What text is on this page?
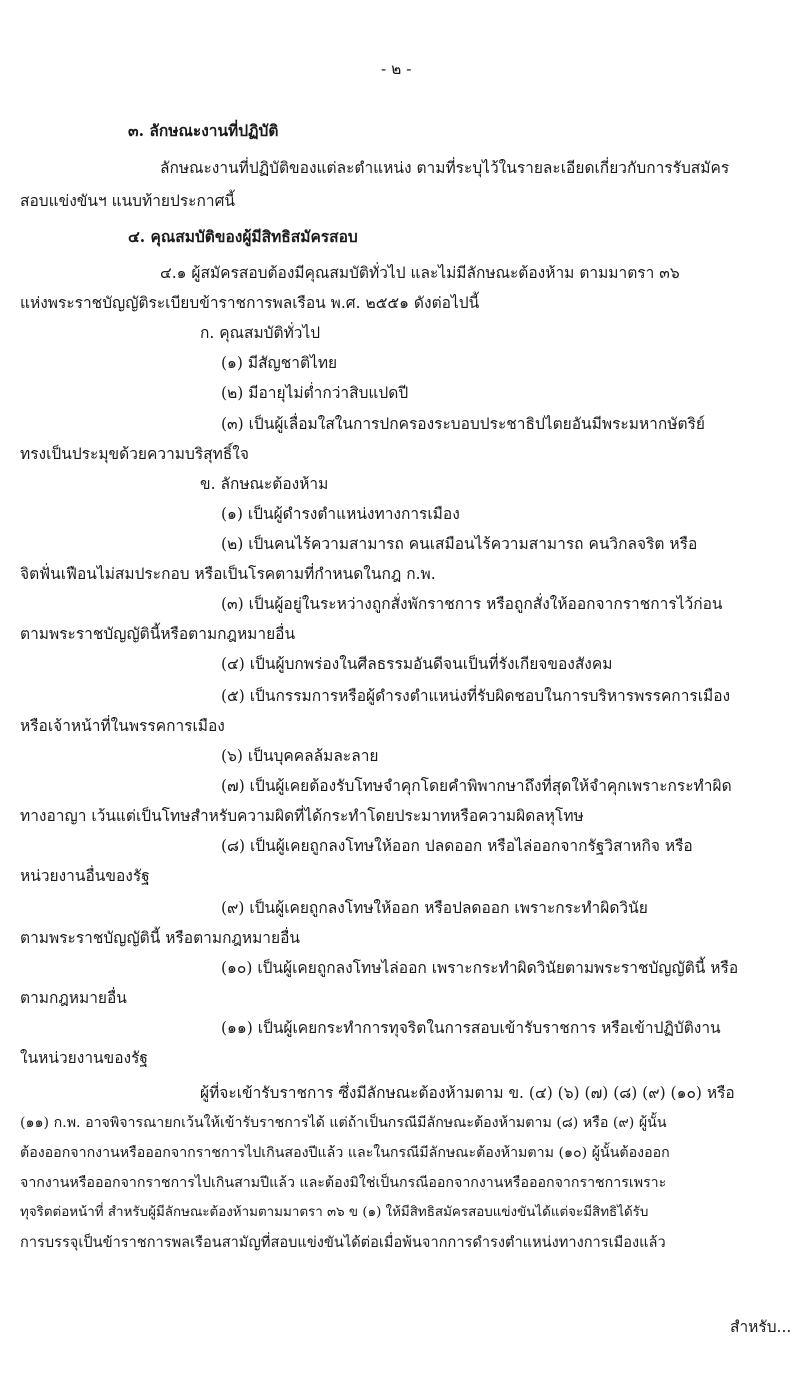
- ๒ -
๓. ลักษณะงานที่ปฏิบัติ
ลักษณะงานที่ปฏิบัติของแต่ละตำแหน่ง ตามที่ระบุไว้ในรายละเอียดเกี่ยวกับการรับสมัคร
สอบแข่งขันฯ แนบท้ายประกาศนี้
๔. คุณสมบัติของผู้มีสิทธิสมัครสอบ
๔.๑ ผู้สมัครสอบต้องมีคุณสมบัติทั่วไป และไม่มีลักษณะต้องห้าม ตามมาตรา ๓๖
แห่งพระราชบัญญัติระเบียบข้าราชการพลเรือน พ.ศ. ๒๕๕๑ ดังต่อไปนี้
ก. คุณสมบัติทั่วไป
(๑) มีสัญชาติไทย
(๒) มีอายุไม่ต่ำกว่าสิบแปดปี
(๓) เป็นผู้เลื่อมใสในการปกครองระบอบประชาธิปไตยอันมีพระมหากษัตริย์
ทรงเป็นประมุขด้วยความบริสุทธิ์ใจ
ข. ลักษณะต้องห้าม
(๑) เป็นผู้ดำรงตำแหน่งทางการเมือง
(๒) เป็นคนไร้ความสามารถ คนเสมือนไร้ความสามารถ คนวิกลจริต หรือ
จิตฟั่นเฟือนไม่สมประกอบ หรือเป็นโรคตามที่กำหนดในกฎ ก.พ.
(๓) เป็นผู้อยู่ในระหว่างถูกสั่งพักราชการ หรือถูกสั่งให้ออกจากราชการไว้ก่อน
ตามพระราชบัญญัตินี้หรือตามกฎหมายอื่น
(๔) เป็นผู้บกพร่องในศีลธรรมอันดีจนเป็นที่รังเกียจของสังคม
(๕) เป็นกรรมการหรือผู้ดำรงตำแหน่งที่รับผิดชอบในการบริหารพรรคการเมือง
หรือเจ้าหน้าที่ในพรรคการเมือง
(๖) เป็นบุคคลล้มละลาย
(๗) เป็นผู้เคยต้องรับโทษจำคุกโดยคำพิพากษาถึงที่สุดให้จำคุกเพราะกระทำผิด
ทางอาญา เว้นแต่เป็นโทษสำหรับความผิดที่ได้กระทำโดยประมาทหรือความผิดลหุโทษ
(๘) เป็นผู้เคยถูกลงโทษให้ออก ปลดออก หรือไล่ออกจากรัฐวิสาหกิจ หรือ
หน่วยงานอื่นของรัฐ
(๙) เป็นผู้เคยถูกลงโทษให้ออก หรือปลดออก เพราะกระทำผิดวินัย
ตามพระราชบัญญัตินี้ หรือตามกฎหมายอื่น
(๑๐) เป็นผู้เคยถูกลงโทษไล่ออก เพราะกระทำผิดวินัยตามพระราชบัญญัตินี้ หรือ
ตามกฎหมายอื่น
(๑๑) เป็นผู้เคยกระทำการทุจริตในการสอบเข้ารับราชการ หรือเข้าปฏิบัติงาน
ในหน่วยงานของรัฐ
ผู้ที่จะเข้ารับราชการ ซึ่งมีลักษณะต้องห้ามตาม ข. (๔) (๖) (๗) (๘) (๙) (๑๐) หรือ
(๑๑) ก.พ. อาจพิจารณายกเว้นให้เข้ารับราชการได้ แต่ถ้าเป็นกรณีมีลักษณะต้องห้ามตาม (๘) หรือ (๙) ผู้นั้น
ต้องออกจากงานหรือออกจากราชการไปเกินสองปีแล้ว และในกรณีมีลักษณะต้องห้ามตาม (๑๐) ผู้นั้นต้องออก
จากงานหรือออกจากราชการไปเกินสามปีแล้ว และต้องมิใช่เป็นกรณีออกจากงานหรือออกจากราชการเพราะ
ทุจริตต่อหน้าที่ สำหรับผู้มีลักษณะต้องห้ามตามมาตรา ๓๖ ข (๑) ให้มีสิทธิสมัครสอบแข่งขันได้แต่จะมีสิทธิได้รับ
การบรรจุเป็นข้าราชการพลเรือนสามัญที่สอบแข่งขันได้ต่อเมื่อพ้นจากการดำรงตำแหน่งทางการเมืองแล้ว
สำหรับ...
